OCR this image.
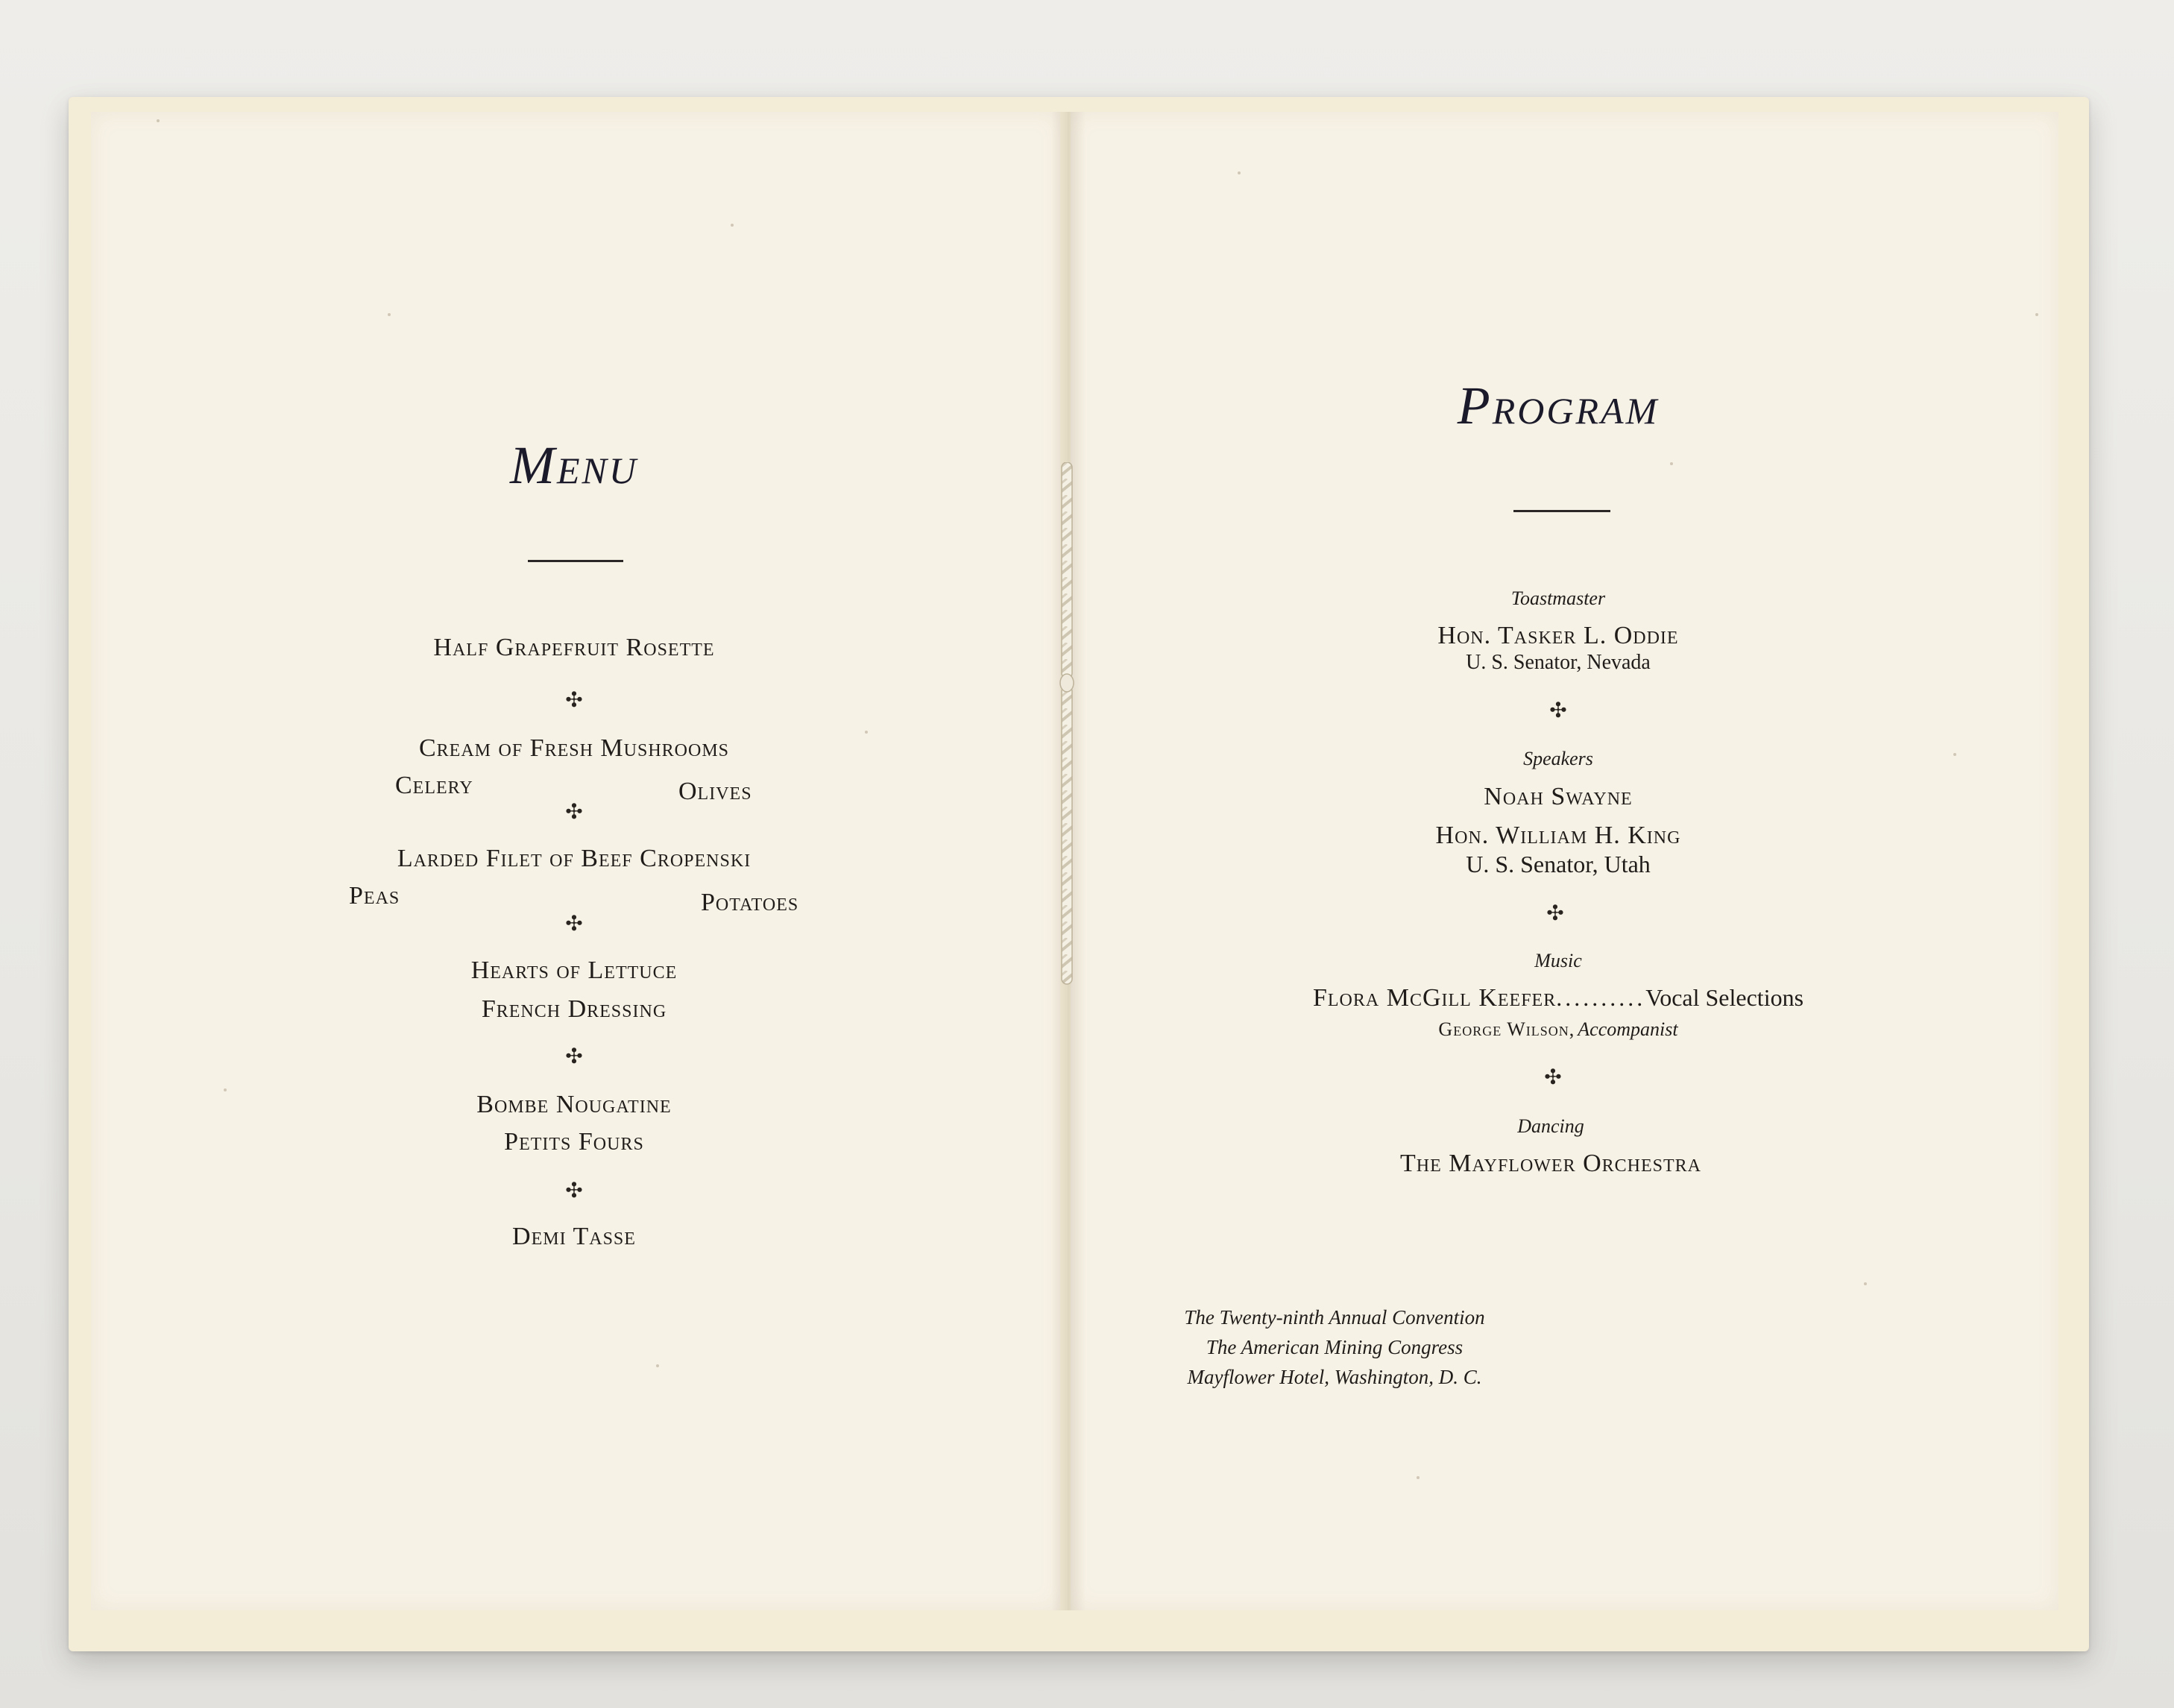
Menu
Half Grapefruit Rosette
✣
Cream of Fresh Mushrooms
Celery	Olives
✣
Larded Filet of Beef Cropenski
Peas	Potatoes
✣
Hearts of Lettuce
French Dressing
✣
Bombe Nougatine
Petits Fours
✣
Demi Tasse
Program
Toastmaster
Hon. Tasker L. Oddie
U. S. Senator, Nevada
✣
Speakers
Noah Swayne
Hon. William H. King
U. S. Senator, Utah
✣
Music
Flora McGill Keefer..........Vocal Selections
George Wilson, Accompanist
✣
Dancing
The Mayflower Orchestra
The Twenty-ninth Annual Convention
The American Mining Congress
Mayflower Hotel, Washington, D. C.
